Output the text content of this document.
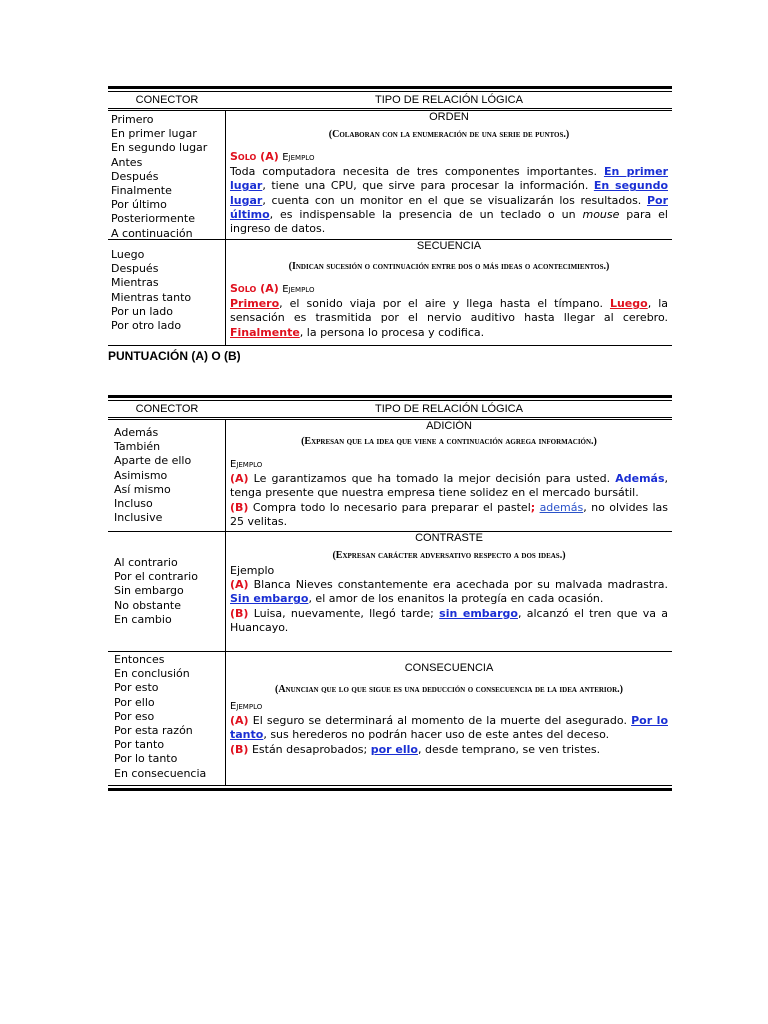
CONECTOR	TIPO DE RELACIÓN LÓGICA
Primero
En primer lugar
En segundo lugar
Antes
Después
Finalmente
Por último
Posteriormente
A continuación
ORDEN
(Colaboran con la enumeración de una serie de puntos.)
Solo (A) Ejemplo
Toda computadora necesita de tres componentes importantes. En primer lugar, tiene una CPU, que sirve para procesar la información. En segundo lugar, cuenta con un monitor en el que se visualizarán los resultados. Por último, es indispensable la presencia de un teclado o un mouse para el ingreso de datos.
Luego
Después
Mientras
Mientras tanto
Por un lado
Por otro lado
SECUENCIA
(Indican sucesión o continuación entre dos o más ideas o acontecimientos.)
Solo (A) Ejemplo
Primero, el sonido viaja por el aire y llega hasta el tímpano. Luego, la sensación es trasmitida por el nervio auditivo hasta llegar al cerebro. Finalmente, la persona lo procesa y codifica.
PUNTUACIÓN (A) O (B)
CONECTOR	TIPO DE RELACIÓN LÓGICA
Además
También
Aparte de ello
Asimismo
Así mismo
Incluso
Inclusive
ADICIÓN
(Expresan que la idea que viene a continuación agrega información.)
Ejemplo
(A) Le garantizamos que ha tomado la mejor decisión para usted. Además, tenga presente que nuestra empresa tiene solidez en el mercado bursátil.
(B) Compra todo lo necesario para preparar el pastel; además, no olvides las 25 velitas.
Al contrario
Por el contrario
Sin embargo
No obstante
En cambio
CONTRASTE
(Expresan carácter adversativo respecto a dos ideas.)
Ejemplo
(A) Blanca Nieves constantemente era acechada por su malvada madrastra. Sin embargo, el amor de los enanitos la protegía en cada ocasión.
(B) Luisa, nuevamente, llegó tarde; sin embargo, alcanzó el tren que va a Huancayo.
Entonces
En conclusión
Por esto
Por ello
Por eso
Por esta razón
Por tanto
Por lo tanto
En consecuencia
CONSECUENCIA
(Anuncian que lo que sigue es una deducción o consecuencia de la idea anterior.)
Ejemplo
(A) El seguro se determinará al momento de la muerte del asegurado. Por lo tanto, sus herederos no podrán hacer uso de este antes del deceso.
(B) Están desaprobados; por ello, desde temprano, se ven tristes.
